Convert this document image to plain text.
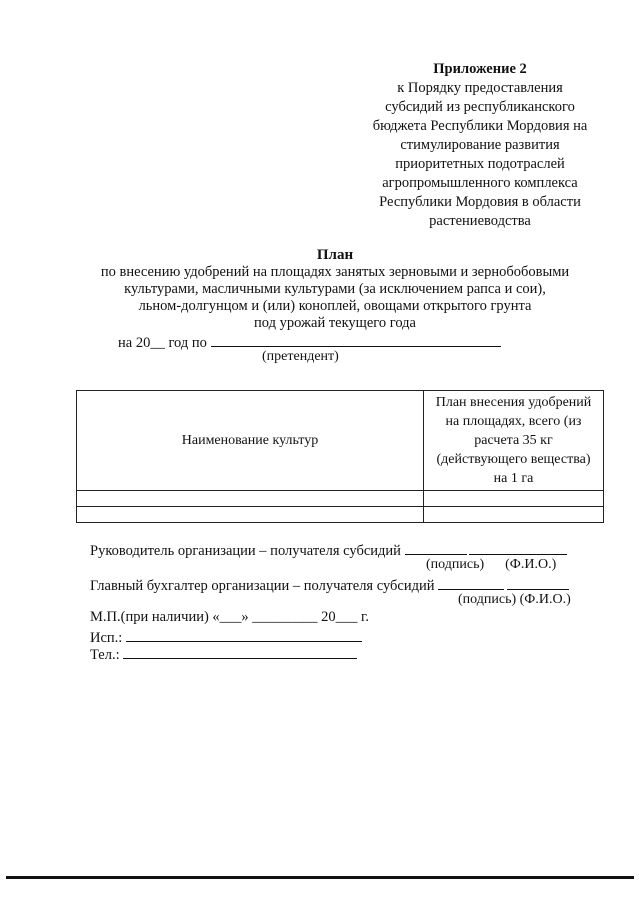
Приложение 2
к Порядку предоставления
субсидий из республиканского
бюджета Республики Мордовия на
стимулирование развития
приоритетных подотраслей
агропромышленного комплекса
Республики Мордовия в области
растениеводства
План
по внесению удобрений на площадях занятых зерновыми и зернобобовыми
культурами, масличными культурами (за исключением рапса и сои),
льном-долгунцом и (или) коноплей, овощами открытого грунта
под урожай текущего года
на 20__ год по
(претендент)
Наименование культур	План внесения удобрений
на площадях, всего (из
расчета 35 кг
(действующего вещества)
на 1 га

Руководитель организации – получателя субсидий
(подпись) (Ф.И.О.)
Главный бухгалтер организации – получателя субсидий
(подпись) (Ф.И.О.)
М.П.(при наличии) «___» _________ 20___ г.
Исп.:
Тел.:
